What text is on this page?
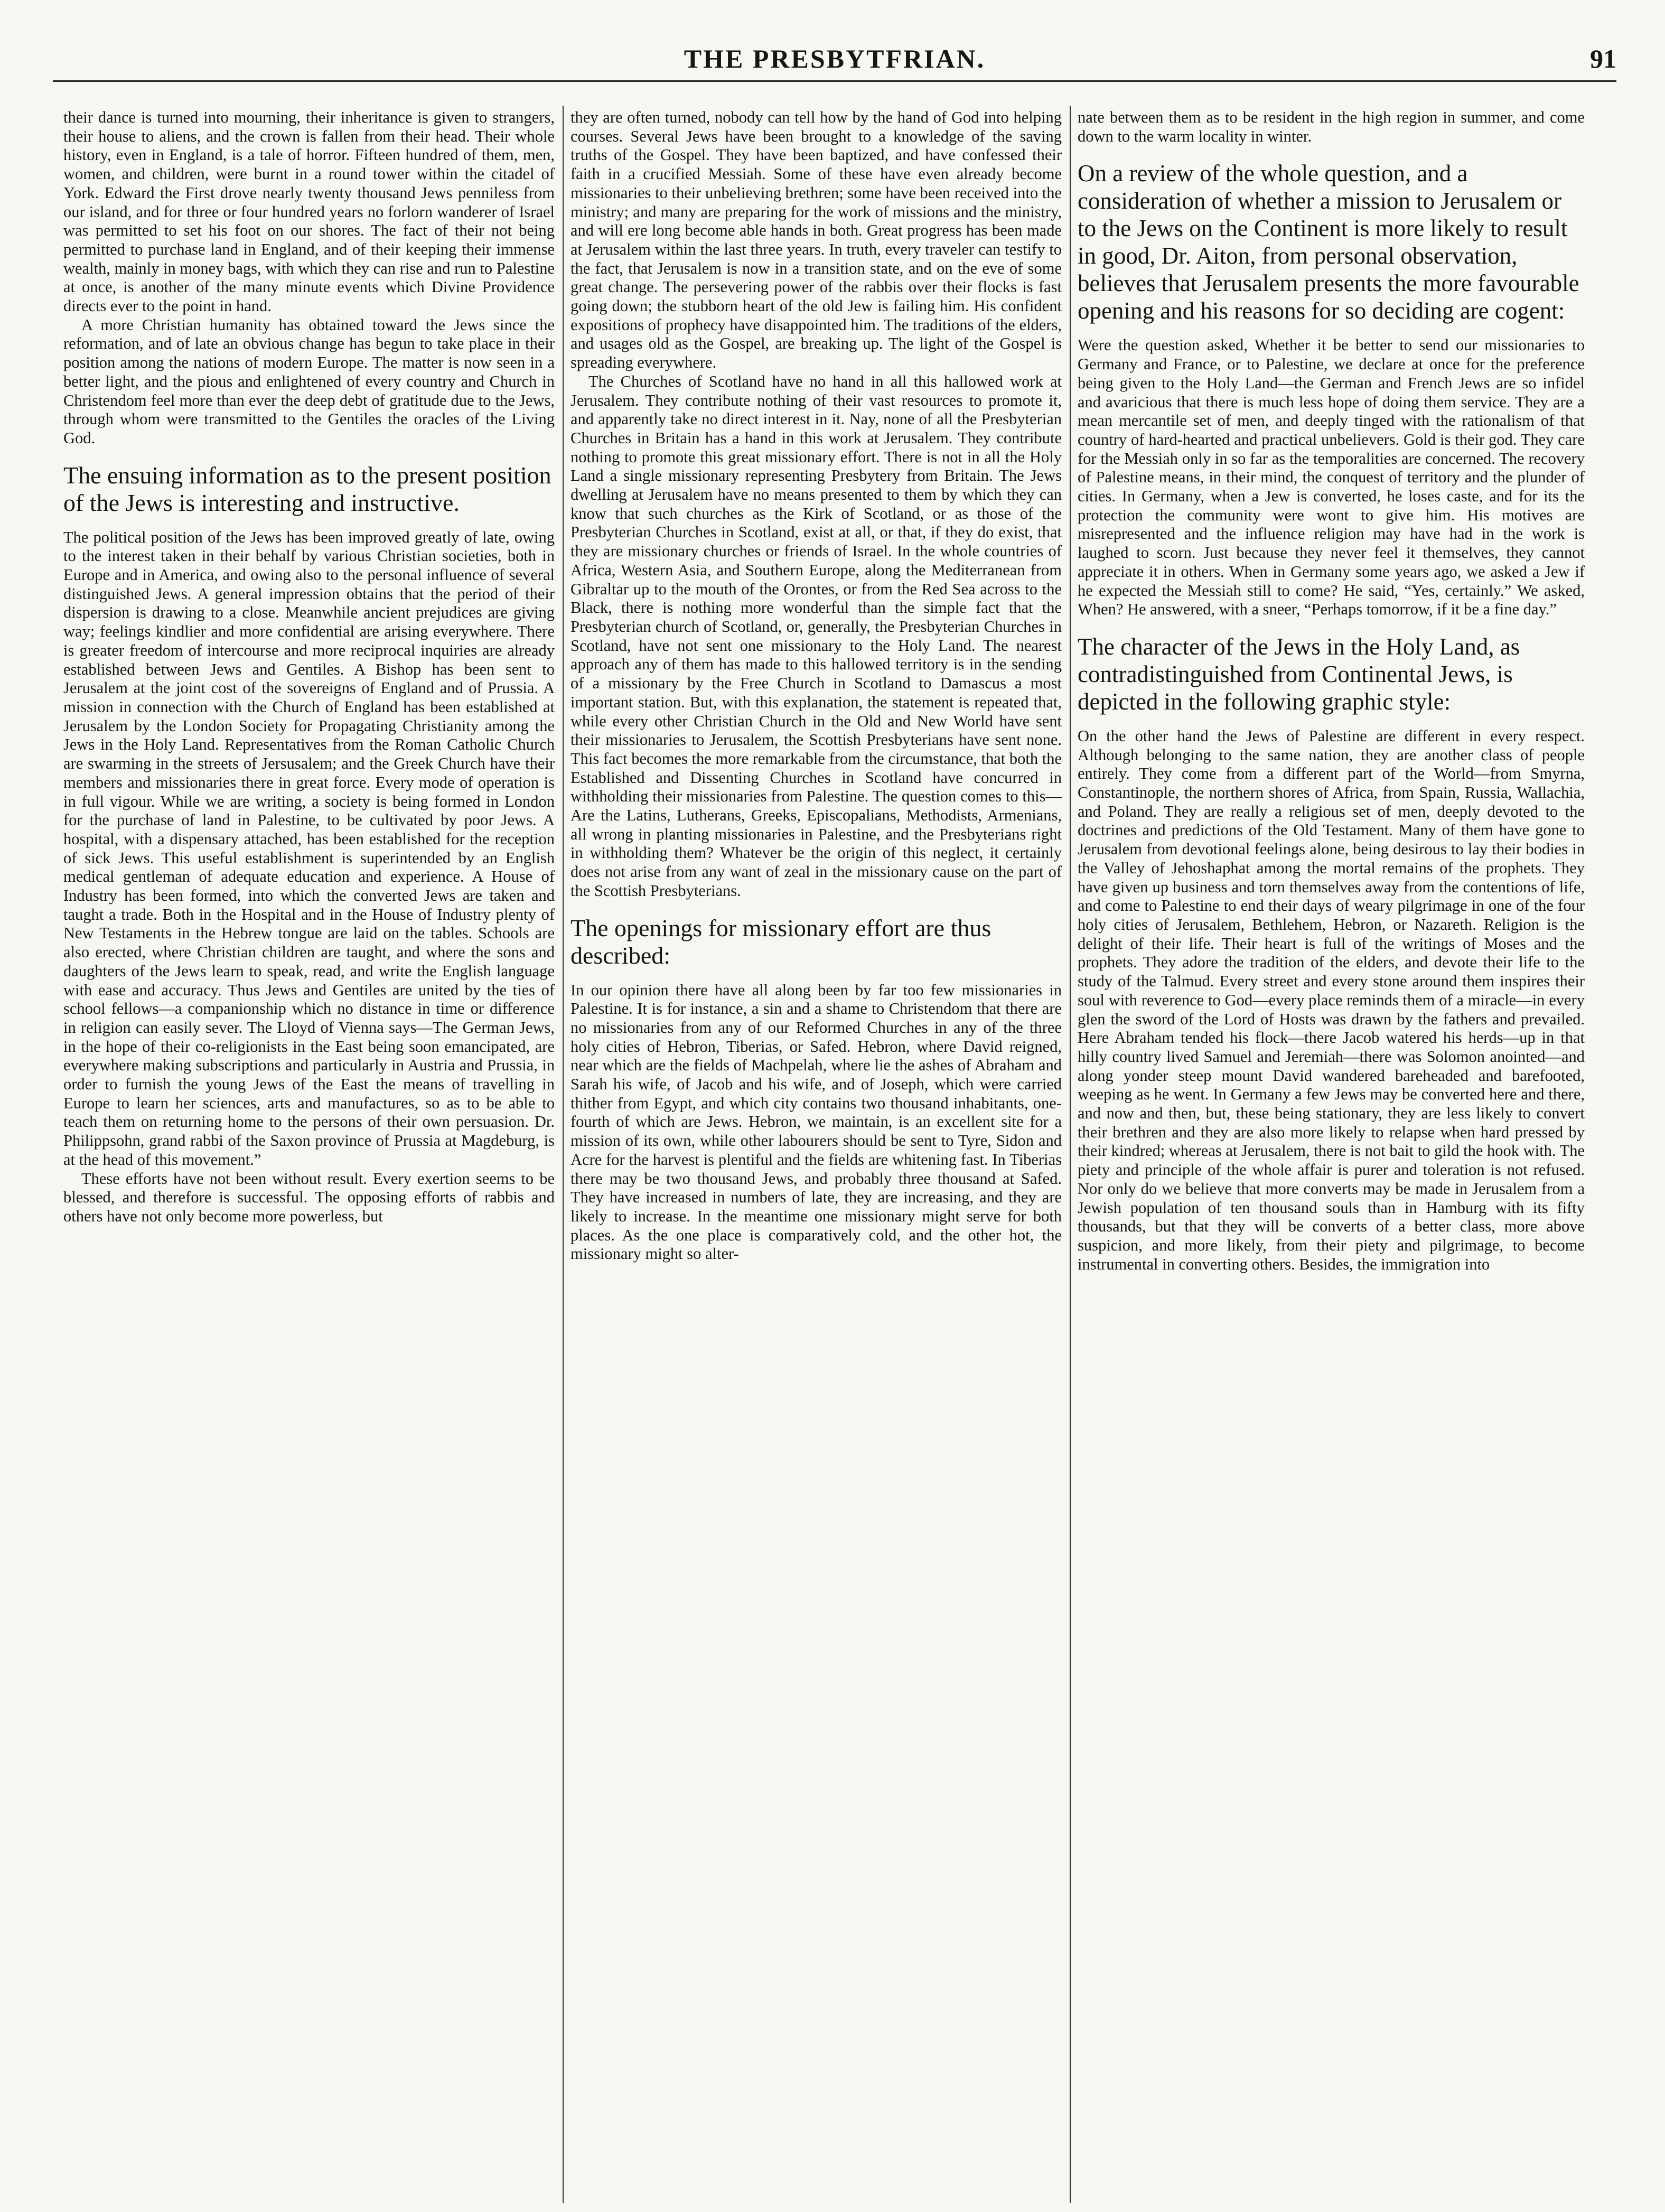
THE PRESBYTFRIAN.	91

their dance is turned into mourning, their inheritance is given to strangers, their house to aliens, and the crown is fallen from their head. Their whole history, even in England, is a tale of horror. Fifteen hundred of them, men, women, and children, were burnt in a round tower within the citadel of York. Edward the First drove nearly twenty thousand Jews penniless from our island, and for three or four hundred years no forlorn wanderer of Israel was permitted to set his foot on our shores. The fact of their not being permitted to purchase land in England, and of their keeping their immense wealth, mainly in money bags, with which they can rise and run to Palestine at once, is another of the many minute events which Divine Providence directs ever to the point in hand.

A more Christian humanity has obtained toward the Jews since the reformation, and of late an obvious change has begun to take place in their position among the nations of modern Europe. The matter is now seen in a better light, and the pious and enlightened of every country and Church in Christendom feel more than ever the deep debt of gratitude due to the Jews, through whom were transmitted to the Gentiles the oracles of the Living God.

The ensuing information as to the present position of the Jews is interesting and instructive.

The political position of the Jews has been improved greatly of late, owing to the interest taken in their behalf by various Christian societies, both in Europe and in America, and owing also to the personal influence of several distinguished Jews. A general impression obtains that the period of their dispersion is drawing to a close. Meanwhile ancient prejudices are giving way; feelings kindlier and more confidential are arising everywhere. There is greater freedom of intercourse and more reciprocal inquiries are already established between Jews and Gentiles. A Bishop has been sent to Jerusalem at the joint cost of the sovereigns of England and of Prussia. A mission in connection with the Church of England has been established at Jerusalem by the London Society for Propagating Christianity among the Jews in the Holy Land. Representatives from the Roman Catholic Church are swarming in the streets of Jersusalem; and the Greek Church have their members and missionaries there in great force. Every mode of operation is in full vigour. While we are writing, a society is being formed in London for the purchase of land in Palestine, to be cultivated by poor Jews. A hospital, with a dispensary attached, has been established for the reception of sick Jews. This useful establishment is superintended by an English medical gentleman of adequate education and experience. A House of Industry has been formed, into which the converted Jews are taken and taught a trade. Both in the Hospital and in the House of Industry plenty of New Testaments in the Hebrew tongue are laid on the tables. Schools are also erected, where Christian children are taught, and where the sons and daughters of the Jews learn to speak, read, and write the English language with ease and accuracy. Thus Jews and Gentiles are united by the ties of school fellows—a companionship which no distance in time or difference in religion can easily sever. The Lloyd of Vienna says—The German Jews, in the hope of their co-religionists in the East being soon emancipated, are everywhere making subscriptions and particularly in Austria and Prussia, in order to furnish the young Jews of the East the means of travelling in Europe to learn her sciences, arts and manufactures, so as to be able to teach them on returning home to the persons of their own persuasion. Dr. Philippsohn, grand rabbi of the Saxon province of Prussia at Magdeburg, is at the head of this movement.”

These efforts have not been without result. Every exertion seems to be blessed, and therefore is successful. The opposing efforts of rabbis and others have not only become more powerless, but

they are often turned, nobody can tell how by the hand of God into helping courses. Several Jews have been brought to a knowledge of the saving truths of the Gospel. They have been baptized, and have confessed their faith in a crucified Messiah. Some of these have even already become missionaries to their unbelieving brethren; some have been received into the ministry; and many are preparing for the work of missions and the ministry, and will ere long become able hands in both. Great progress has been made at Jerusalem within the last three years. In truth, every traveler can testify to the fact, that Jerusalem is now in a transition state, and on the eve of some great change. The persevering power of the rabbis over their flocks is fast going down; the stubborn heart of the old Jew is failing him. His confident expositions of prophecy have disappointed him. The traditions of the elders, and usages old as the Gospel, are breaking up. The light of the Gospel is spreading everywhere.

The Churches of Scotland have no hand in all this hallowed work at Jerusalem. They contribute nothing of their vast resources to promote it, and apparently take no direct interest in it. Nay, none of all the Presbyterian Churches in Britain has a hand in this work at Jerusalem. They contribute nothing to promote this great missionary effort. There is not in all the Holy Land a single missionary representing Presbytery from Britain. The Jews dwelling at Jerusalem have no means presented to them by which they can know that such churches as the Kirk of Scotland, or as those of the Presbyterian Churches in Scotland, exist at all, or that, if they do exist, that they are missionary churches or friends of Israel. In the whole countries of Africa, Western Asia, and Southern Europe, along the Mediterranean from Gibraltar up to the mouth of the Orontes, or from the Red Sea across to the Black, there is nothing more wonderful than the simple fact that the Presbyterian church of Scotland, or, generally, the Presbyterian Churches in Scotland, have not sent one missionary to the Holy Land. The nearest approach any of them has made to this hallowed territory is in the sending of a missionary by the Free Church in Scotland to Damascus a most important station. But, with this explanation, the statement is repeated that, while every other Christian Church in the Old and New World have sent their missionaries to Jerusalem, the Scottish Presbyterians have sent none. This fact becomes the more remarkable from the circumstance, that both the Established and Dissenting Churches in Scotland have concurred in withholding their missionaries from Palestine. The question comes to this—Are the Latins, Lutherans, Greeks, Episcopalians, Methodists, Armenians, all wrong in planting missionaries in Palestine, and the Presbyterians right in withholding them? Whatever be the origin of this neglect, it certainly does not arise from any want of zeal in the missionary cause on the part of the Scottish Presbyterians.

The openings for missionary effort are thus described:

In our opinion there have all along been by far too few missionaries in Palestine. It is for instance, a sin and a shame to Christendom that there are no missionaries from any of our Reformed Churches in any of the three holy cities of Hebron, Tiberias, or Safed. Hebron, where David reigned, near which are the fields of Machpelah, where lie the ashes of Abraham and Sarah his wife, of Jacob and his wife, and of Joseph, which were carried thither from Egypt, and which city contains two thousand inhabitants, one-fourth of which are Jews. Hebron, we maintain, is an excellent site for a mission of its own, while other labourers should be sent to Tyre, Sidon and Acre for the harvest is plentiful and the fields are whitening fast. In Tiberias there may be two thousand Jews, and probably three thousand at Safed. They have increased in numbers of late, they are increasing, and they are likely to increase. In the meantime one missionary might serve for both places. As the one place is comparatively cold, and the other hot, the missionary might so alter-

nate between them as to be resident in the high region in summer, and come down to the warm locality in winter.

On a review of the whole question, and a consideration of whether a mission to Jerusalem or to the Jews on the Continent is more likely to result in good, Dr. Aiton, from personal observation, believes that Jerusalem presents the more favourable opening and his reasons for so deciding are cogent:

Were the question asked, Whether it be better to send our missionaries to Germany and France, or to Palestine, we declare at once for the preference being given to the Holy Land—the German and French Jews are so infidel and avaricious that there is much less hope of doing them service. They are a mean mercantile set of men, and deeply tinged with the rationalism of that country of hard-hearted and practical unbelievers. Gold is their god. They care for the Messiah only in so far as the temporalities are concerned. The recovery of Palestine means, in their mind, the conquest of territory and the plunder of cities. In Germany, when a Jew is converted, he loses caste, and for its the protection the community were wont to give him. His motives are misrepresented and the influence religion may have had in the work is laughed to scorn. Just because they never feel it themselves, they cannot appreciate it in others. When in Germany some years ago, we asked a Jew if he expected the Messiah still to come? He said, “Yes, certainly.” We asked, When? He answered, with a sneer, “Perhaps tomorrow, if it be a fine day.”

The character of the Jews in the Holy Land, as contradistinguished from Continental Jews, is depicted in the following graphic style:

On the other hand the Jews of Palestine are different in every respect. Although belonging to the same nation, they are another class of people entirely. They come from a different part of the World—from Smyrna, Constantinople, the northern shores of Africa, from Spain, Russia, Wallachia, and Poland. They are really a religious set of men, deeply devoted to the doctrines and predictions of the Old Testament. Many of them have gone to Jerusalem from devotional feelings alone, being desirous to lay their bodies in the Valley of Jehoshaphat among the mortal remains of the prophets. They have given up business and torn themselves away from the contentions of life, and come to Palestine to end their days of weary pilgrimage in one of the four holy cities of Jerusalem, Bethlehem, Hebron, or Nazareth. Religion is the delight of their life. Their heart is full of the writings of Moses and the prophets. They adore the tradition of the elders, and devote their life to the study of the Talmud. Every street and every stone around them inspires their soul with reverence to God—every place reminds them of a miracle—in every glen the sword of the Lord of Hosts was drawn by the fathers and prevailed. Here Abraham tended his flock—there Jacob watered his herds—up in that hilly country lived Samuel and Jeremiah—there was Solomon anointed—and along yonder steep mount David wandered bareheaded and barefooted, weeping as he went. In Germany a few Jews may be converted here and there, and now and then, but, these being stationary, they are less likely to convert their brethren and they are also more likely to relapse when hard pressed by their kindred; whereas at Jerusalem, there is not bait to gild the hook with. The piety and principle of the whole affair is purer and toleration is not refused. Nor only do we believe that more converts may be made in Jerusalem from a Jewish population of ten thousand souls than in Hamburg with its fifty thousands, but that they will be converts of a better class, more above suspicion, and more likely, from their piety and pilgrimage, to become instrumental in converting others. Besides, the immigration into
